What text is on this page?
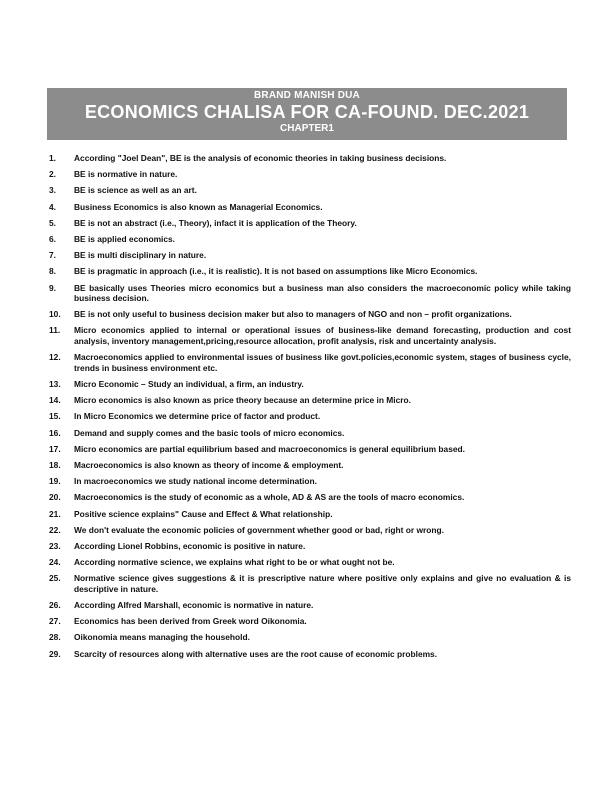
BRAND MANISH DUA
ECONOMICS CHALISA FOR CA-FOUND. DEC.2021
CHAPTER1
1.	According "Joel Dean", BE is the analysis of economic theories in taking business decisions.
2.	BE is normative in nature.
3.	BE is science as well as an art.
4.	Business Economics is also known as Managerial Economics.
5.	BE is not an abstract (i.e., Theory), infact it is application of the Theory.
6.	BE is applied economics.
7.	BE is multi disciplinary in nature.
8.	BE is pragmatic in approach (i.e., it is realistic). It is not based on assumptions like Micro Economics.
9.	BE basically uses Theories micro economics but a business man also considers the macroeconomic policy while taking business decision.
10.	BE is not only useful to business decision maker but also to managers of NGO and non – profit organizations.
11.	Micro economics applied to internal or operational issues of business-like demand forecasting, production and cost analysis, inventory management,pricing,resource allocation, profit analysis, risk and uncertainty analysis.
12.	Macroeconomics applied to environmental issues of business like govt.policies,economic system, stages of business cycle, trends in business environment etc.
13.	Micro Economic – Study an individual, a firm, an industry.
14.	Micro economics is also known as price theory because an determine price in Micro.
15.	In Micro Economics we determine price of factor and product.
16.	Demand and supply comes and the basic tools of micro economics.
17.	Micro economics are partial equilibrium based and macroeconomics is general equilibrium based.
18.	Macroeconomics is also known as theory of income & employment.
19.	In macroeconomics we study national income determination.
20.	Macroeconomics is the study of economic as a whole, AD & AS are the tools of macro economics.
21.	Positive science explains" Cause and Effect & What relationship.
22.	We don't evaluate the economic policies of government whether good or bad, right or wrong.
23.	According Lionel Robbins, economic is positive in nature.
24.	According normative science, we explains what right to be or what ought not be.
25.	Normative science gives suggestions & it is prescriptive nature where positive only explains and give no evaluation & is descriptive in nature.
26.	According Alfred Marshall, economic is normative in nature.
27.	Economics has been derived from Greek word Oikonomia.
28.	Oikonomia means managing the household.
29.	Scarcity of resources along with alternative uses are the root cause of economic problems.
